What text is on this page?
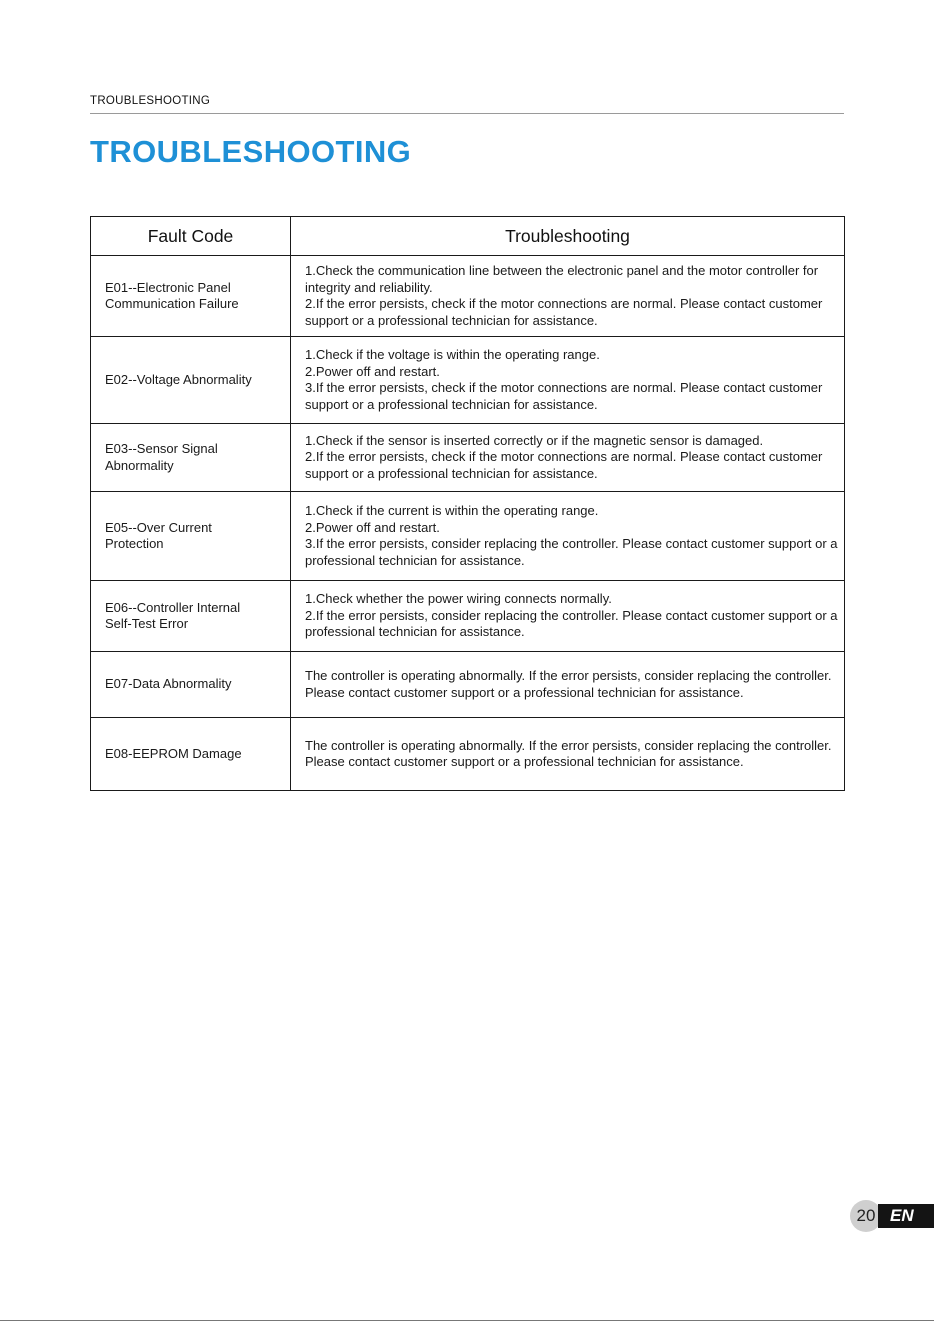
TROUBLESHOOTING
TROUBLESHOOTING
Fault Code	Troubleshooting

E01--Electronic Panel
Communication Failure	1.Check the communication line between the electronic panel and the motor controller for integrity and reliability.
2.If the error persists, check if the motor connections are normal. Please contact customer support or a professional technician for assistance.

E02--Voltage Abnormality	1.Check if the voltage is within the operating range.
2.Power off and restart.
3.If the error persists, check if the motor connections are normal. Please contact customer support or a professional technician for assistance.

E03--Sensor Signal
Abnormality	1.Check if the sensor is inserted correctly or if the magnetic sensor is damaged.
2.If the error persists, check if the motor connections are normal. Please contact customer support or a professional technician for assistance.

E05--Over Current
Protection	1.Check if the current is within the operating range.
2.Power off and restart.
3.If the error persists, consider replacing the controller. Please contact customer support or a professional technician for assistance.

E06--Controller Internal
Self-Test Error	1.Check whether the power wiring connects normally.
2.If the error persists, consider replacing the controller. Please contact customer support or a professional technician for assistance.

E07-Data Abnormality	The controller is operating abnormally. If the error persists, consider replacing the controller. Please contact customer support or a professional technician for assistance.

E08-EEPROM Damage	The controller is operating abnormally. If the error persists, consider replacing the controller. Please contact customer support or a professional technician for assistance.
20 EN
